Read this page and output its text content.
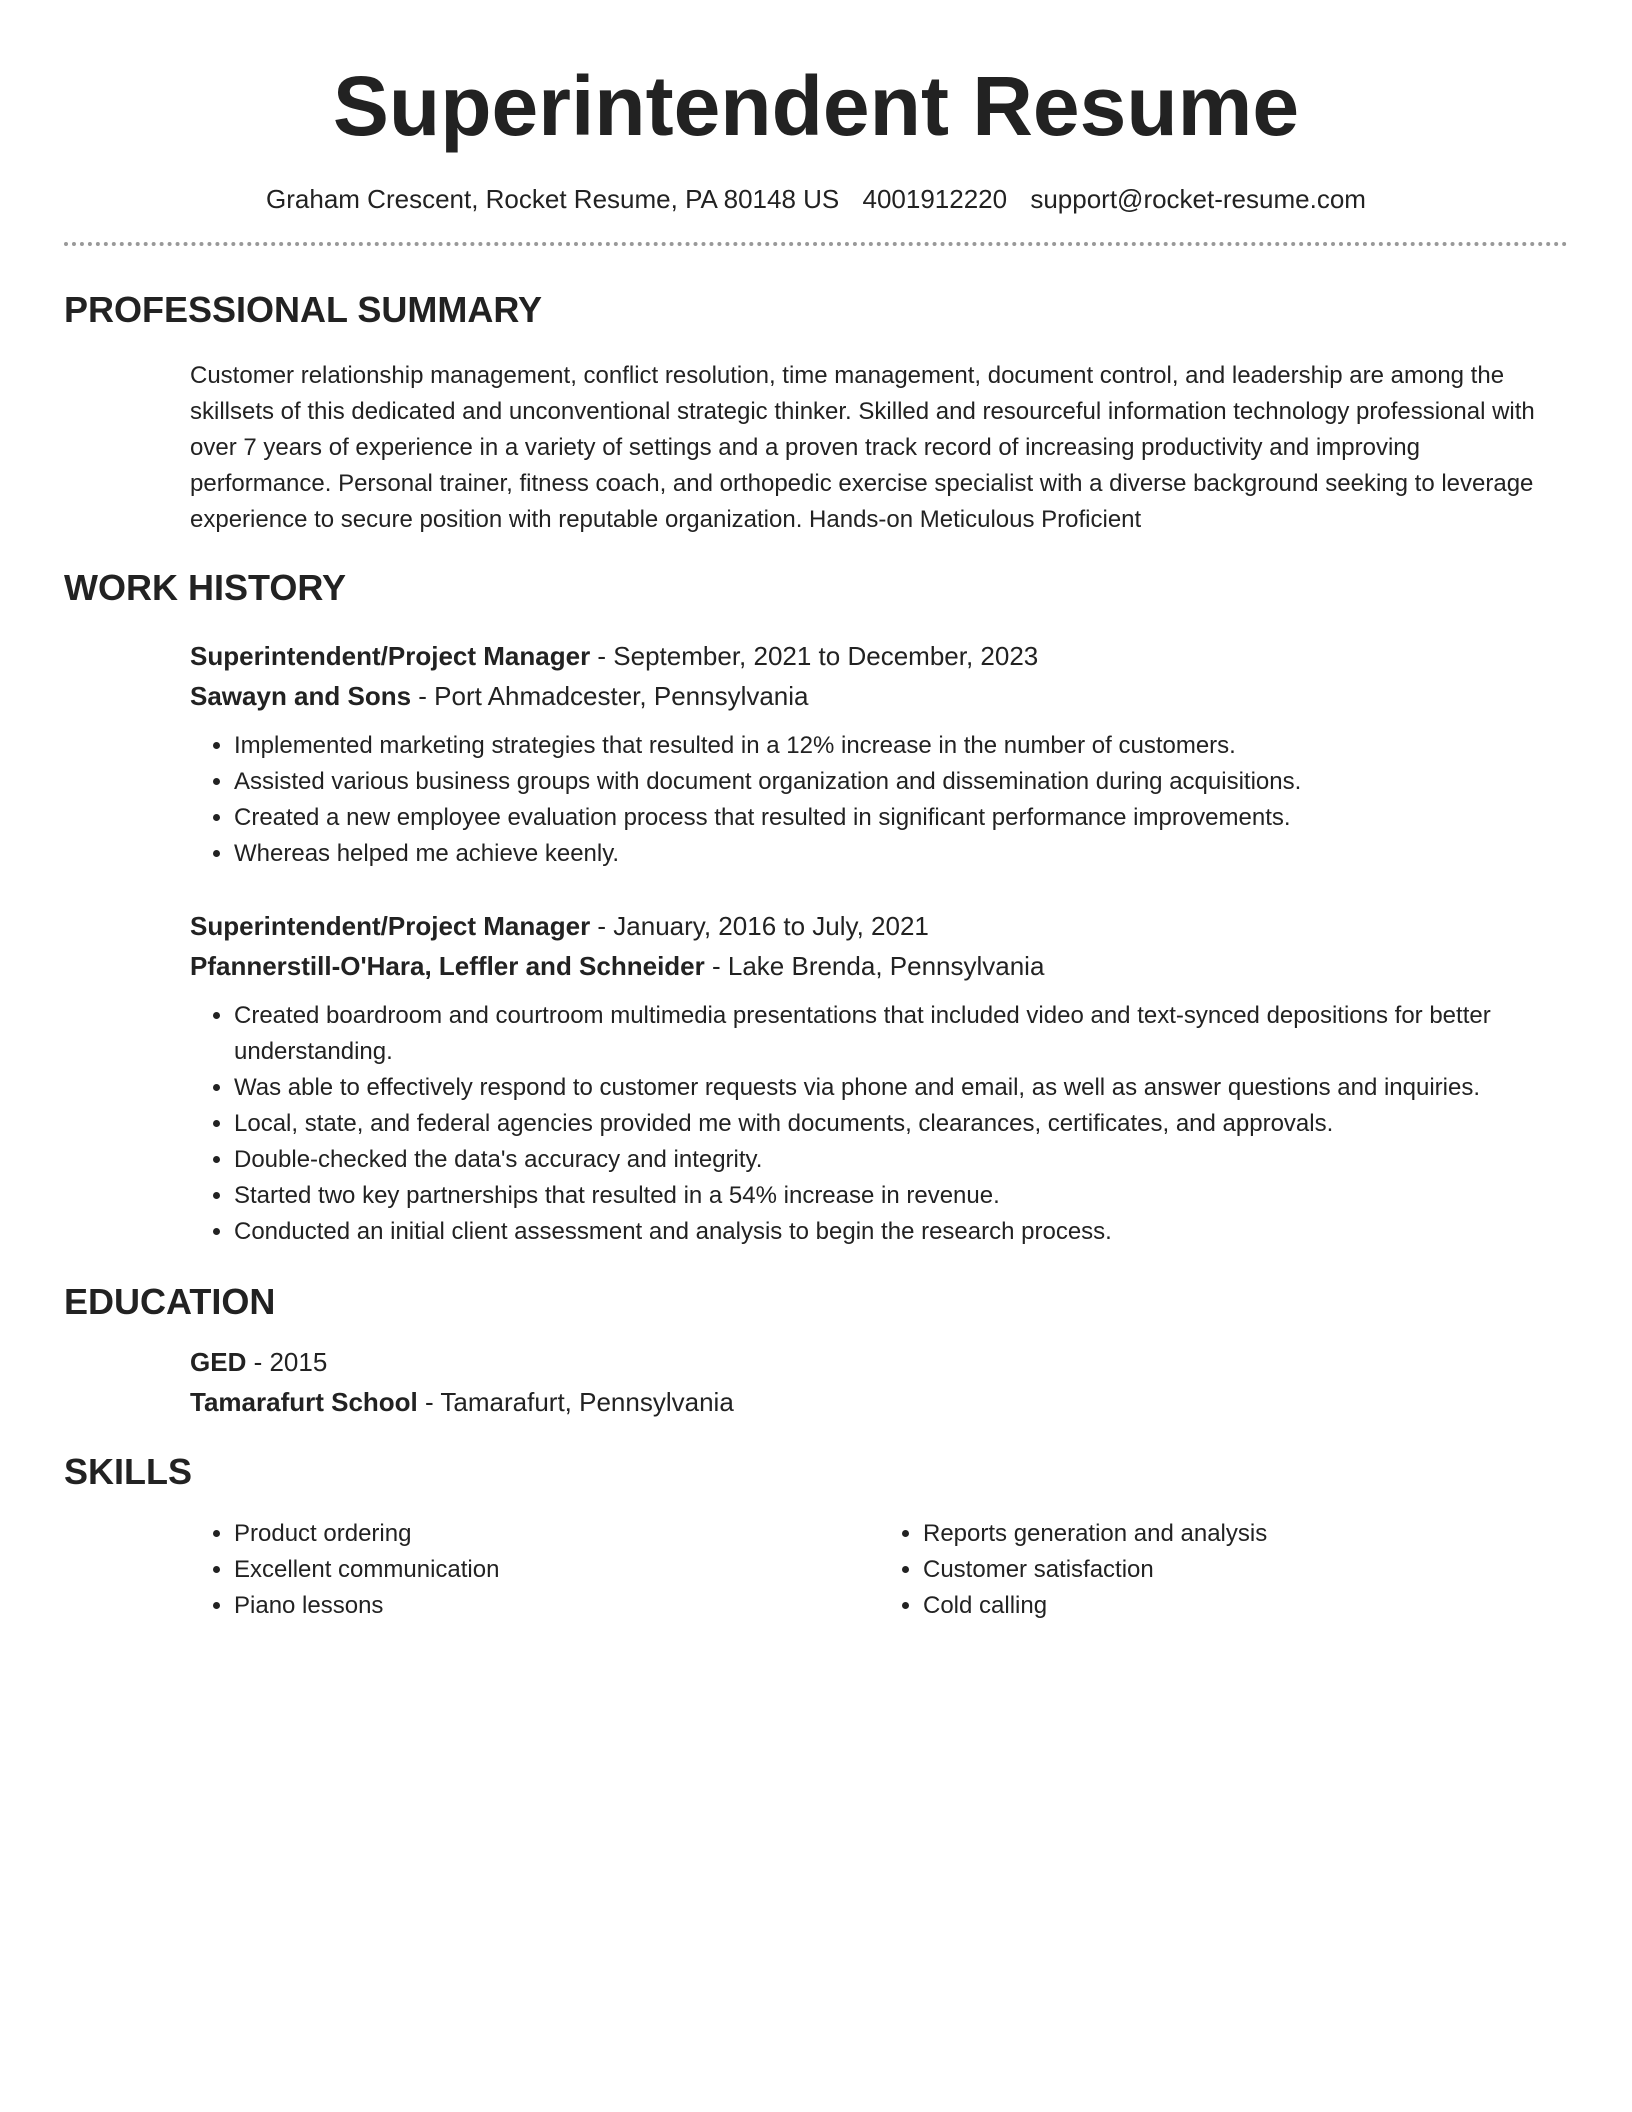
Superintendent Resume
Graham Crescent, Rocket Resume, PA 80148 US 4001912220 support@rocket-resume.com
PROFESSIONAL SUMMARY

Customer relationship management, conflict resolution, time management, document control, and leadership are among the skillsets of this dedicated and unconventional strategic thinker. Skilled and resourceful information technology professional with over 7 years of experience in a variety of settings and a proven track record of increasing productivity and improving performance. Personal trainer, fitness coach, and orthopedic exercise specialist with a diverse background seeking to leverage experience to secure position with reputable organization. Hands-on Meticulous Proficient

WORK HISTORY
Superintendent/Project Manager - September, 2021 to December, 2023
Sawayn and Sons - Port Ahmadcester, Pennsylvania
• Implemented marketing strategies that resulted in a 12% increase in the number of customers.
• Assisted various business groups with document organization and dissemination during acquisitions.
• Created a new employee evaluation process that resulted in significant performance improvements.
• Whereas helped me achieve keenly.
Superintendent/Project Manager - January, 2016 to July, 2021
Pfannerstill-O'Hara, Leffler and Schneider - Lake Brenda, Pennsylvania
• Created boardroom and courtroom multimedia presentations that included video and text-synced depositions for better understanding.
• Was able to effectively respond to customer requests via phone and email, as well as answer questions and inquiries.
• Local, state, and federal agencies provided me with documents, clearances, certificates, and approvals.
• Double-checked the data's accuracy and integrity.
• Started two key partnerships that resulted in a 54% increase in revenue.
• Conducted an initial client assessment and analysis to begin the research process.
EDUCATION
GED - 2015
Tamarafurt School - Tamarafurt, Pennsylvania
SKILLS
• Product ordering
• Excellent communication
• Piano lessons
• Reports generation and analysis
• Customer satisfaction
• Cold calling
